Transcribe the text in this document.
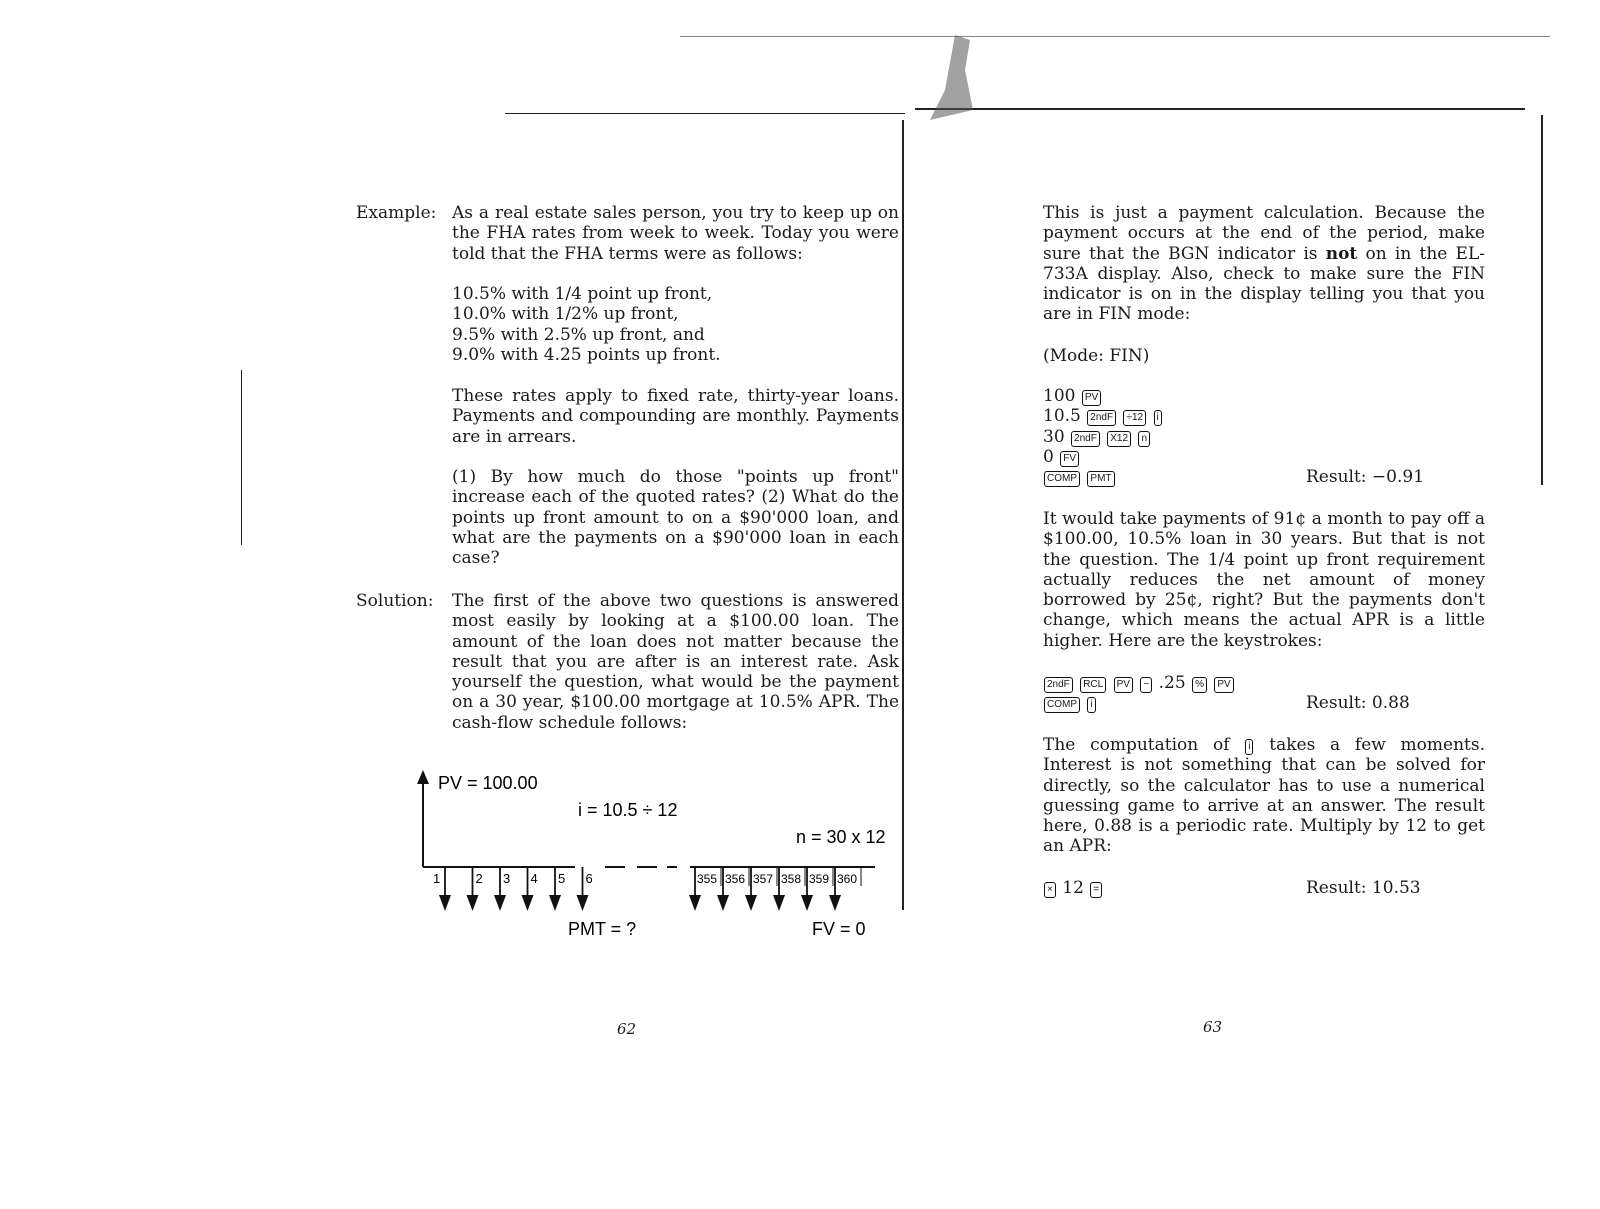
Example: As a real estate sales person, you try to keep up on the FHA rates from week to week. Today you were told that the FHA terms were as follows:

10.5% with 1/4 point up front,
10.0% with 1/2% up front,
9.5% with 2.5% up front, and
9.0% with 4.25 points up front.

These rates apply to fixed rate, thirty-year loans. Payments and compounding are monthly. Payments are in arrears.

(1) By how much do those "points up front" increase each of the quoted rates? (2) What do the points up front amount to on a $90'000 loan, and what are the payments on a $90'000 loan in each case?

Solution: The first of the above two questions is answered most easily by looking at a $100.00 loan. The amount of the loan does not matter because the result that you are after is an interest rate. Ask yourself the question, what would be the payment on a 30 year, $100.00 mortgage at 10.5% APR. The cash-flow schedule follows:

PV = 100.00
i = 10.5 ÷ 12
n = 30 x 12
1	2 3 4 5 6	355 356 357 358 359 360
PMT = ?	FV = 0
62

This is just a payment calculation. Because the payment occurs at the end of the period, make sure that the BGN indicator is not on in the EL-733A display. Also, check to make sure the FIN indicator is on in the display telling you that you are in FIN mode:

(Mode: FIN)
100 PV
10.5 2ndF ÷12 i
30 2ndF X12 n
0 FV
COMP PMT	Result: −0.91

It would take payments of 91¢ a month to pay off a $100.00, 10.5% loan in 30 years. But that is not the question. The 1/4 point up front requirement actually reduces the net amount of money borrowed by 25¢, right? But the payments don't change, which means the actual APR is a little higher. Here are the keystrokes:

2ndF RCL PV − .25 % PV
COMP i	Result: 0.88

The computation of i takes a few moments. Interest is not something that can be solved for directly, so the calculator has to use a numerical guessing game to arrive at an answer. The result here, 0.88 is a periodic rate. Multiply by 12 to get an APR:

× 12 =	Result: 10.53
63
